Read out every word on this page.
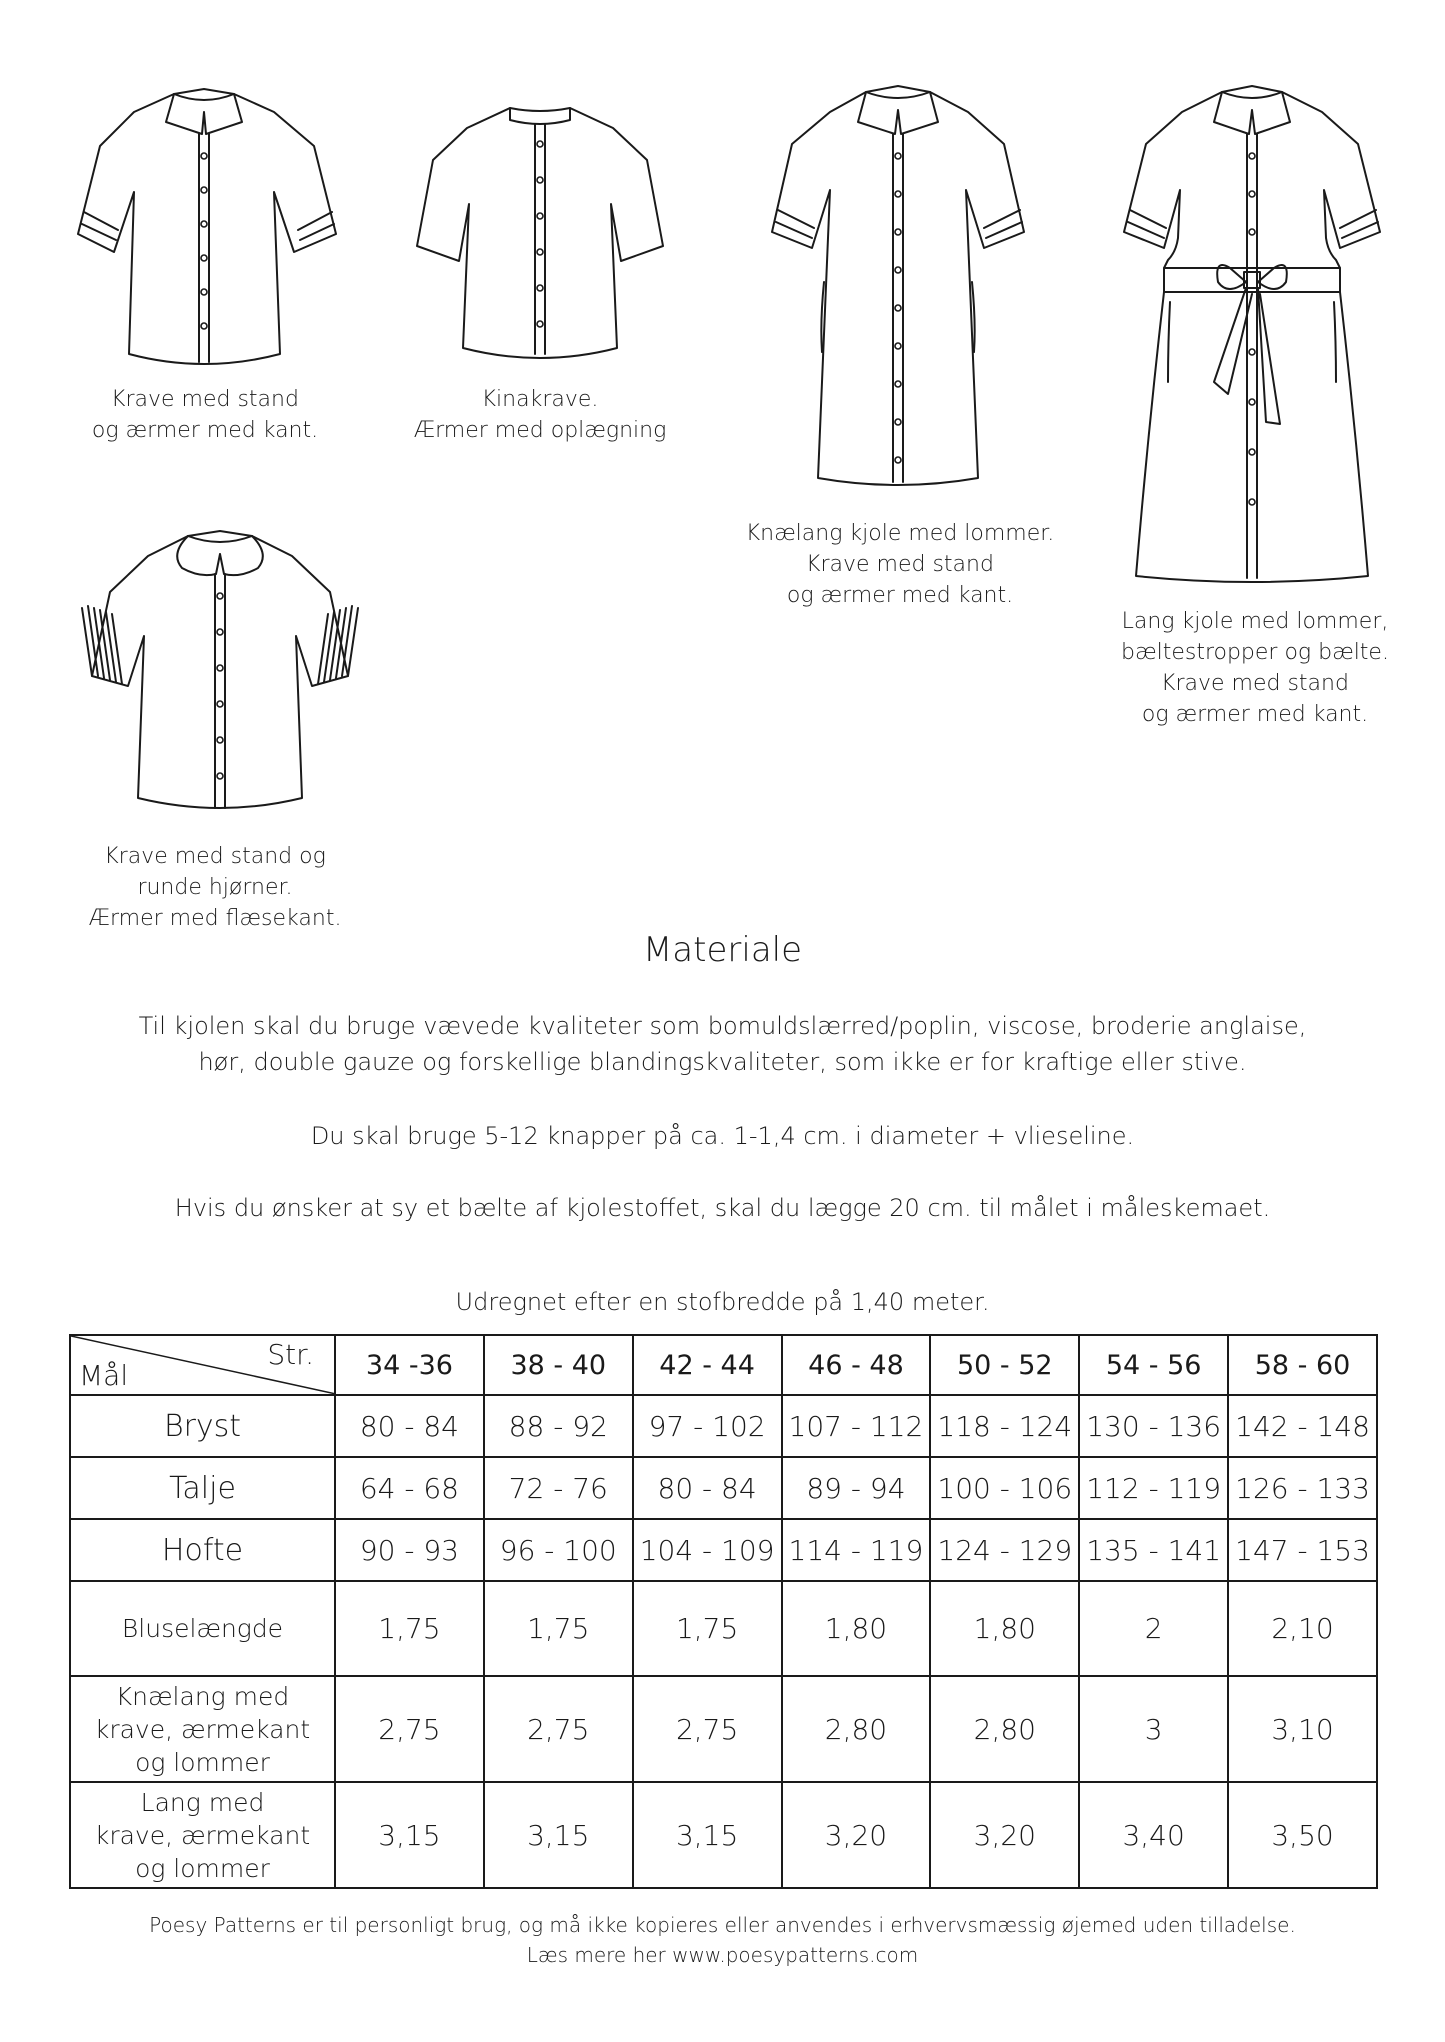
Krave med stand
og ærmer med kant.
Kinakrave.
Ærmer med oplægning
Knælang kjole med lommer.
Krave med stand
og ærmer med kant.
Lang kjole med lommer,
bæltestropper og bælte.
Krave med stand
og ærmer med kant.
Krave med stand og
runde hjørner.
Ærmer med flæsekant.
Materiale
Til kjolen skal du bruge vævede kvaliteter som bomuldslærred/poplin, viscose, broderie anglaise,
hør, double gauze og forskellige blandingskvaliteter, som ikke er for kraftige eller stive.
Du skal bruge 5-12 knapper på ca. 1-1,4 cm. i diameter + vlieseline.
Hvis du ønsker at sy et bælte af kjolestoffet, skal du lægge 20 cm. til målet i måleskemaet.
Udregnet efter en stofbredde på 1,40 meter.
Str.
Mål	34 -36	38 - 40	42 - 44	46 - 48	50 - 52	54 - 56	58 - 60
Bryst	80 - 84	88 - 92	97 - 102	107 - 112	118 - 124	130 - 136	142 - 148
Talje	64 - 68	72 - 76	80 - 84	89 - 94	100 - 106	112 - 119	126 - 133
Hofte	90 - 93	96 - 100	104 - 109	114 - 119	124 - 129	135 - 141	147 - 153
Bluselængde	1,75	1,75	1,75	1,80	1,80	2	2,10

Knælang med
krave, ærmekant
og lommer	2,75	2,75	2,75	2,80	2,80	3	3,10

Lang med
krave, ærmekant
og lommer	3,15	3,15	3,15	3,20	3,20	3,40	3,50
Poesy Patterns er til personligt brug, og må ikke kopieres eller anvendes i erhvervsmæssig øjemed uden tilladelse.
Læs mere her www.poesypatterns.com
